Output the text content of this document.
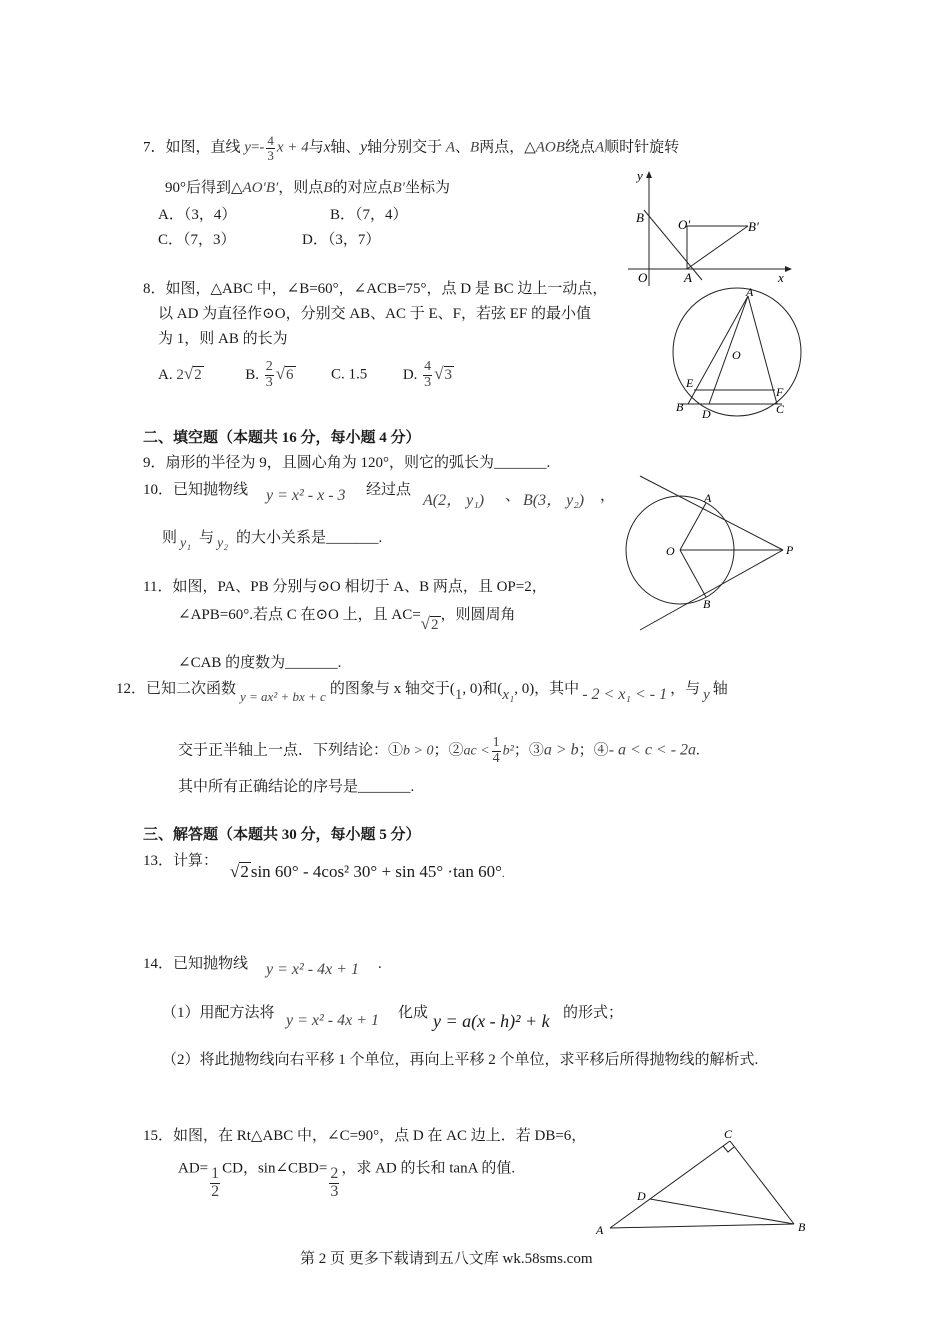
7．如图，直线 $y=- \frac{4}{3}$ x + 4与x轴、y轴分别交于 A、B两点，△AOB绕点A顺时针旋转
90°后得到△AO′B′，则点B的对应点B′坐标为
A．（3，4）	B．（7，4）
C．（7，3）	D．（3，7）
y
x
B
O	A
O′	B′
8．如图，△ABC 中，∠B=60°，∠ACB=75°，点 D 是 BC 边上一动点，
以 AD 为直径作⊙O，分别交 AB、AC 于 E、F，若弦 EF 的最小值
为 1，则 AB 的长为
A. 2√2	B. $\frac{2}{3} √6$	C. 1.5 D. $\frac{4}{3} √3$
A
O
E
F
B D	C
二、填空题（本题共 16 分，每小题 4 分）
9．扇形的半径为 9，且圆心角为 120°，则它的弧长为_______.
10．已知抛物线 y = x² - x - 3 经过点
A(2， y₁) 、 B(3， y₂) ，
则 y₁ 与 y₂ 的大小关系是_______.
A
O	P
B
11．如图，PA、PB 分别与⊙O 相切于 A、B 两点，且 OP=2，
∠APB=60°.若点 C 在⊙O 上，且 AC=√2，则圆周角
∠CAB 的度数为_______.
12．已知二次函数 y = ax² + bx + c 的图象与 x 轴交于(1, 0)和(x₁, 0)，其中 - 2 < x₁ < - 1 ，与 y 轴
交于正半轴上一点．下列结论：①b > 0；②ac < $\frac{1}{4} b^2$；③a > b；④- a < c < - 2a.
其中所有正确结论的序号是_______.
三、解答题（本题共 30 分，每小题 5 分）
13．计算：
√2 sin 60° - 4cos² 30° + sin 45° ·tan 60°.
14．已知抛物线 y = x² - 4x + 1 .
（1）用配方法将 y = x² - 4x + 1 化成 y = a(x - h)² + k 的形式；
（2）将此抛物线向右平移 1 个单位，再向上平移 2 个单位，求平移后所得抛物线的解析式.
15．如图，在 Rt△ABC 中，∠C=90°，点 D 在 AC 边上．若 DB=6，
$AD= \frac{1}{2}$ CD，sin∠CBD= $\frac{2}{3}$ ，求 AD 的长和 tanA 的值.
C
D
A	B
第 2 页 更多下载请到五八文库 wk.58sms.com
